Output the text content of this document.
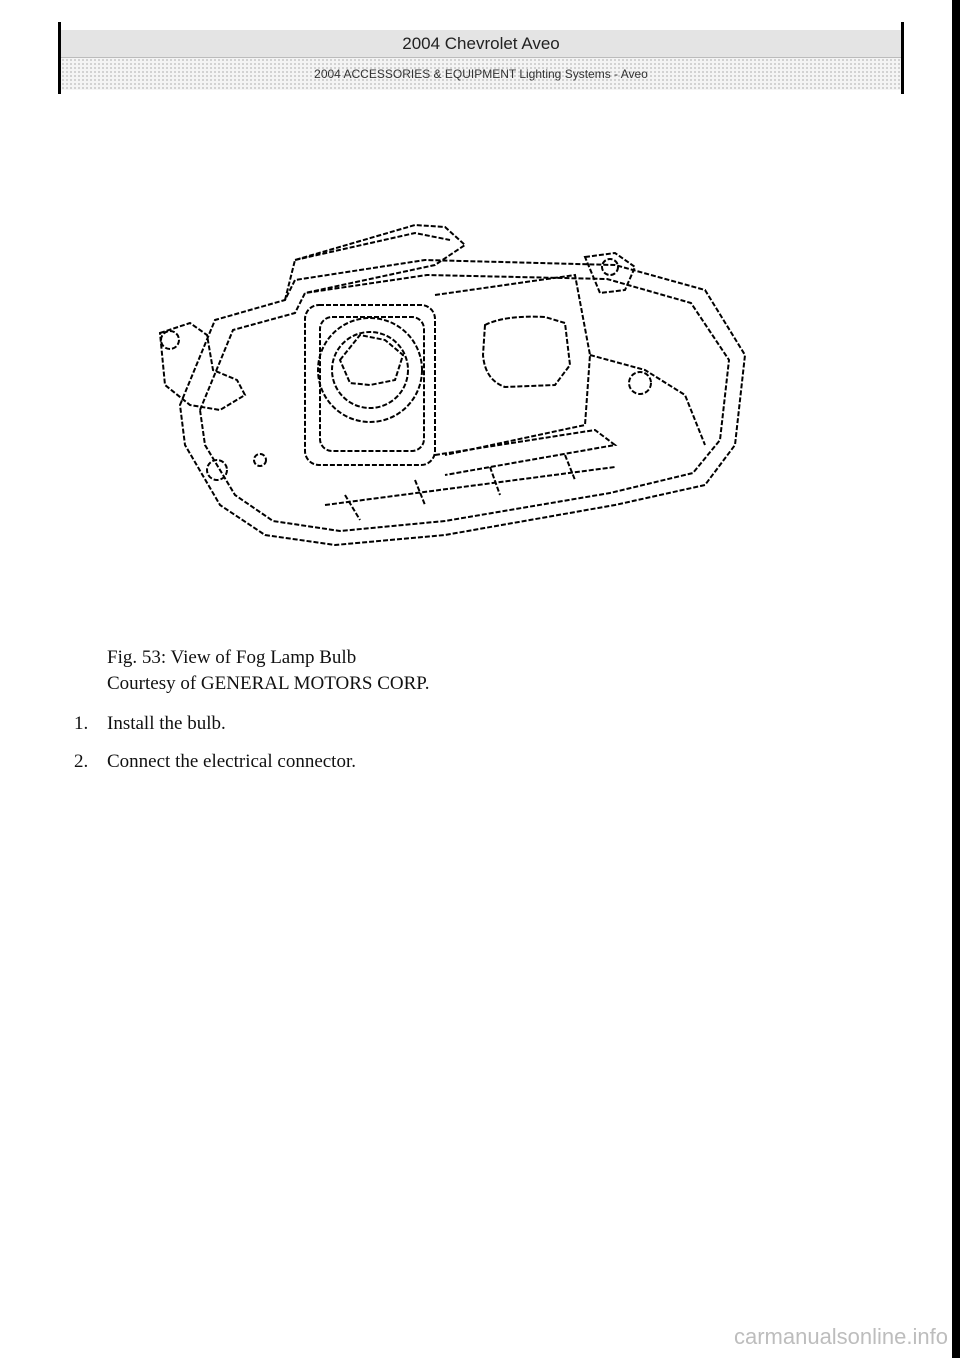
2004 Chevrolet Aveo
2004 ACCESSORIES & EQUIPMENT Lighting Systems - Aveo
Fig. 53: View of Fog Lamp Bulb
Courtesy of GENERAL MOTORS CORP.
1. Install the bulb.
2. Connect the electrical connector.
carmanualsonline.info
